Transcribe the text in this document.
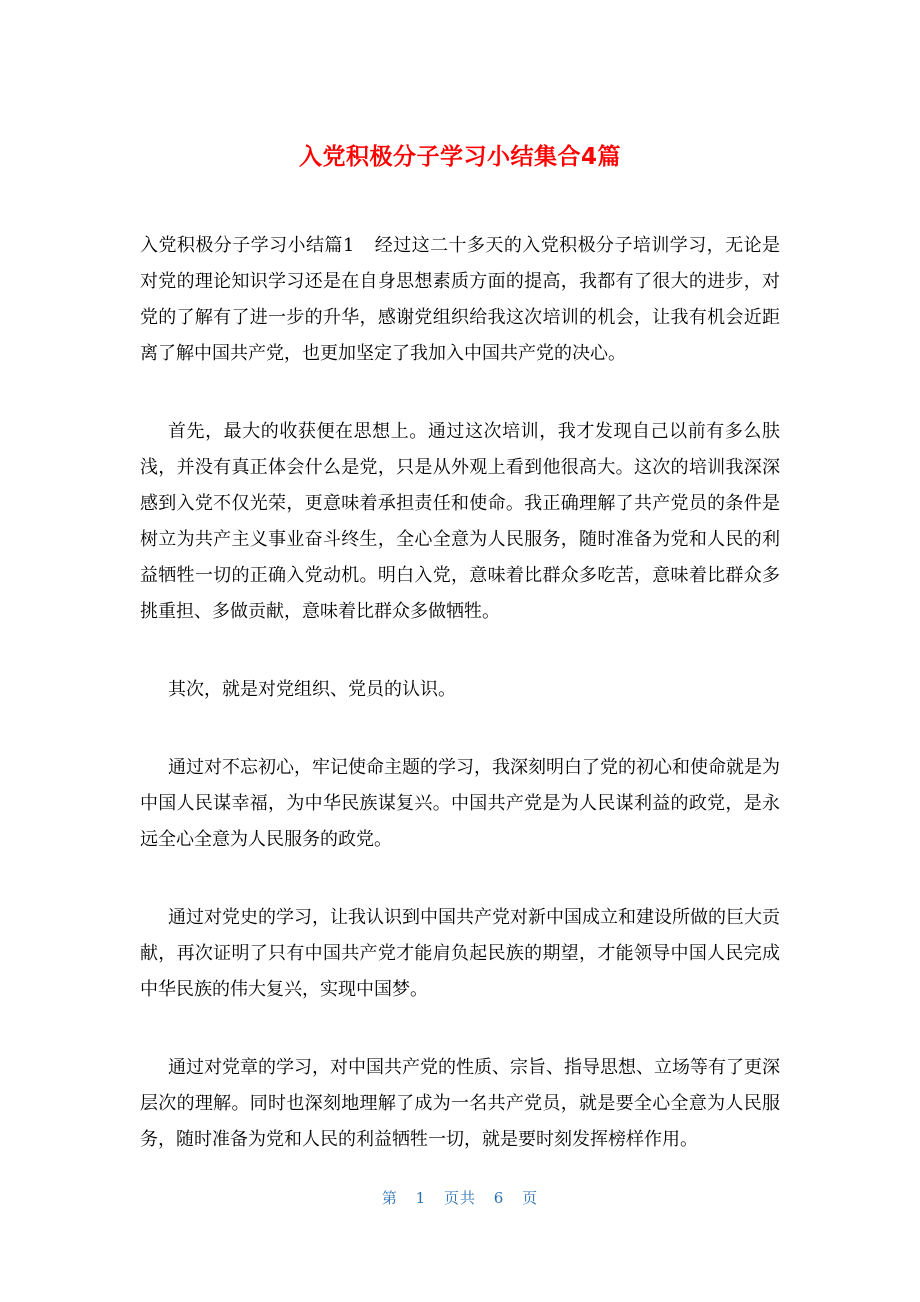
入党积极分子学习小结集合4篇

入党积极分子学习小结篇1 经过这二十多天的入党积极分子培训学习，无论是对党的理论知识学习还是在自身思想素质方面的提高，我都有了很大的进步，对党的了解有了进一步的升华，感谢党组织给我这次培训的机会，让我有机会近距离了解中国共产党，也更加坚定了我加入中国共产党的决心。

首先，最大的收获便在思想上。通过这次培训，我才发现自己以前有多么肤浅，并没有真正体会什么是党，只是从外观上看到他很高大。这次的培训我深深感到入党不仅光荣，更意味着承担责任和使命。我正确理解了共产党员的条件是树立为共产主义事业奋斗终生，全心全意为人民服务，随时准备为党和人民的利益牺牲一切的正确入党动机。明白入党，意味着比群众多吃苦，意味着比群众多挑重担、多做贡献，意味着比群众多做牺牲。

其次，就是对党组织、党员的认识。

通过对不忘初心，牢记使命主题的学习，我深刻明白了党的初心和使命就是为中国人民谋幸福，为中华民族谋复兴。中国共产党是为人民谋利益的政党，是永远全心全意为人民服务的政党。

通过对党史的学习，让我认识到中国共产党对新中国成立和建设所做的巨大贡献，再次证明了只有中国共产党才能肩负起民族的期望，才能领导中国人民完成中华民族的伟大复兴，实现中国梦。

通过对党章的学习，对中国共产党的性质、宗旨、指导思想、立场等有了更深层次的理解。同时也深刻地理解了成为一名共产党员，就是要全心全意为人民服务，随时准备为党和人民的利益牺牲一切，就是要时刻发挥榜样作用。

第 1 页共 6 页
